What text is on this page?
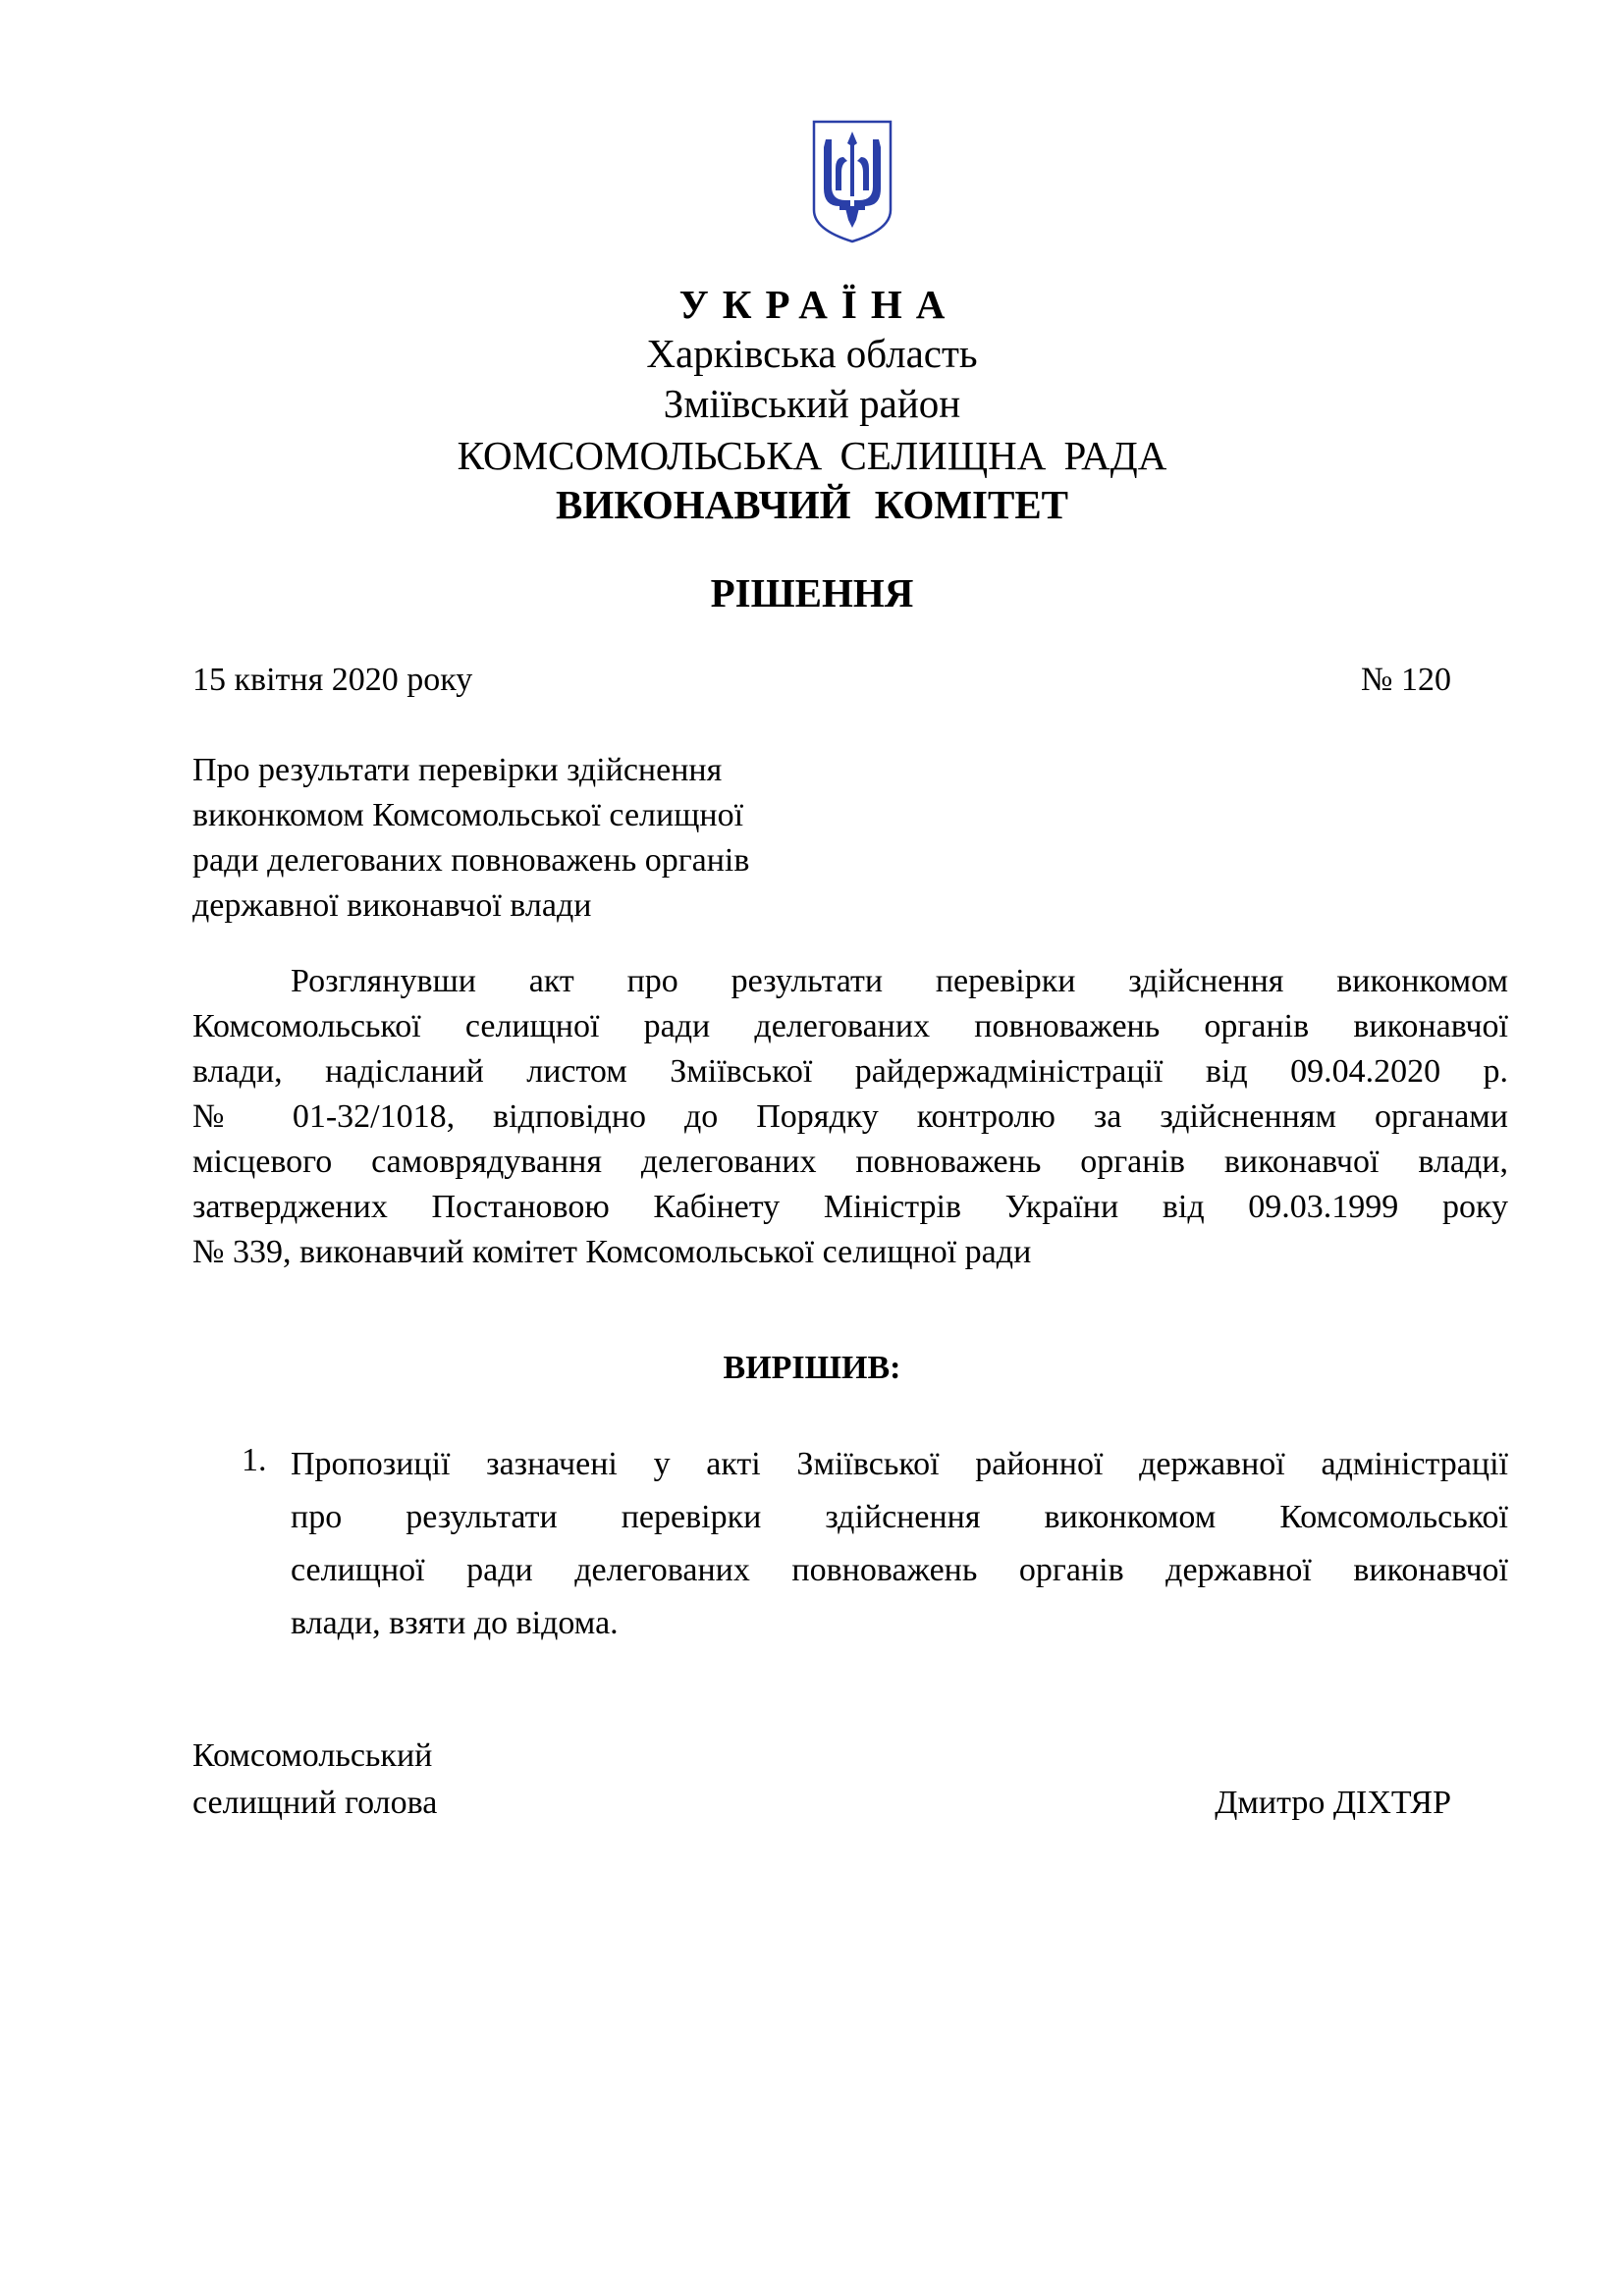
УКРАЇНА
Харківська область
Зміївський район
КОМСОМОЛЬСЬКА СЕЛИЩНА РАДА
ВИКОНАВЧИЙ КОМІТЕТ
РІШЕННЯ
15 квітня 2020 року	№ 120
Про результати перевірки здійснення
виконкомом Комсомольської селищної
ради делегованих повноважень органів
державної виконавчої влади
Розглянувши акт про результати перевірки здійснення виконкомом
Комсомольської селищної ради делегованих повноважень органів виконавчої
влади, надісланий листом Зміївської райдержадміністрації від 09.04.2020 р.
№ 01-32/1018, відповідно до Порядку контролю за здійсненням органами
місцевого самоврядування делегованих повноважень органів виконавчої влади,
затверджених Постановою Кабінету Міністрів України від 09.03.1999 року
№ 339, виконавчий комітет Комсомольської селищної ради
ВИРІШИВ:
1. Пропозиції зазначені у акті Зміївської районної державної адміністрації
про результати перевірки здійснення виконкомом Комсомольської
селищної ради делегованих повноважень органів державної виконавчої
влади, взяти до відома.
Комсомольський
селищний голова	Дмитро ДІХТЯР
